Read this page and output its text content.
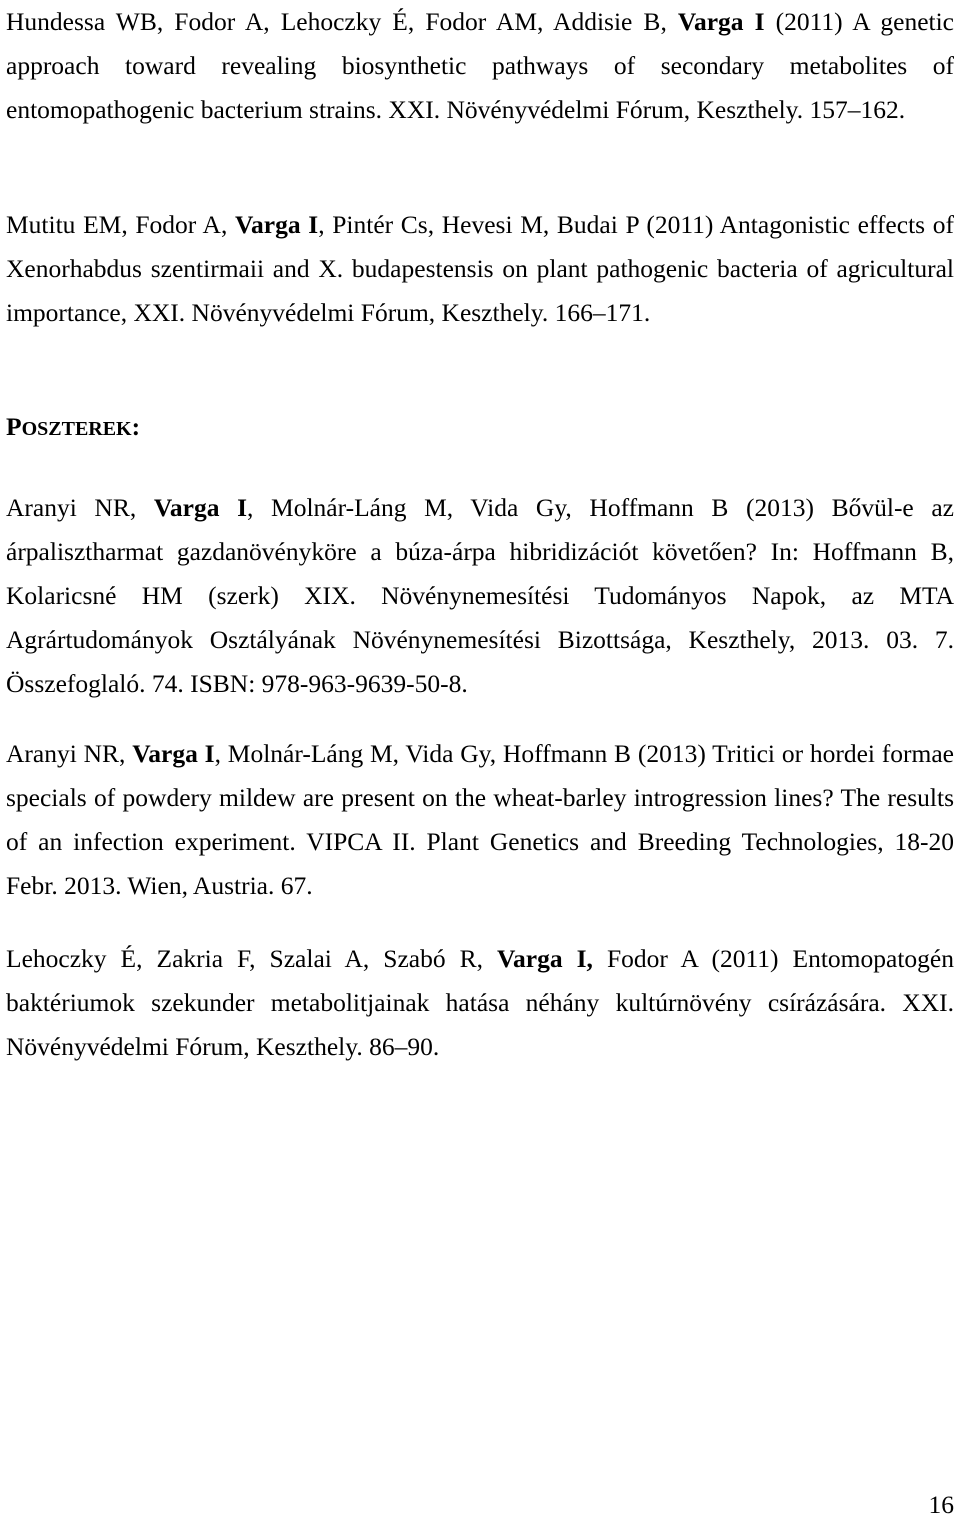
Hundessa WB, Fodor A, Lehoczky É, Fodor AM, Addisie B, Varga I (2011) A genetic approach toward revealing biosynthetic pathways of secondary metabolites of entomopathogenic bacterium strains. XXI. Növényvédelmi Fórum, Keszthely. 157–162.

Mutitu EM, Fodor A, Varga I, Pintér Cs, Hevesi M, Budai P (2011) Antagonistic effects of Xenorhabdus szentirmaii and X. budapestensis on plant pathogenic bacteria of agricultural importance, XXI. Növényvédelmi Fórum, Keszthely. 166–171.

POSZTEREK:

Aranyi NR, Varga I, Molnár-Láng M, Vida Gy, Hoffmann B (2013) Bővül-e az árpalisztharmat gazdanövényköre a búza-árpa hibridizációt követően? In: Hoffmann B, Kolaricsné HM (szerk) XIX. Növénynemesítési Tudományos Napok, az MTA Agrártudományok Osztályának Növénynemesítési Bizottsága, Keszthely, 2013. 03. 7. Összefoglaló. 74. ISBN: 978-963-9639-50-8.

Aranyi NR, Varga I, Molnár-Láng M, Vida Gy, Hoffmann B (2013) Tritici or hordei formae specials of powdery mildew are present on the wheat-barley introgression lines? The results of an infection experiment. VIPCA II. Plant Genetics and Breeding Technologies, 18-20 Febr. 2013. Wien, Austria. 67.

Lehoczky É, Zakria F, Szalai A, Szabó R, Varga I, Fodor A (2011) Entomopatogén baktériumok szekunder metabolitjainak hatása néhány kultúrnövény csírázására. XXI. Növényvédelmi Fórum, Keszthely. 86–90.

16
